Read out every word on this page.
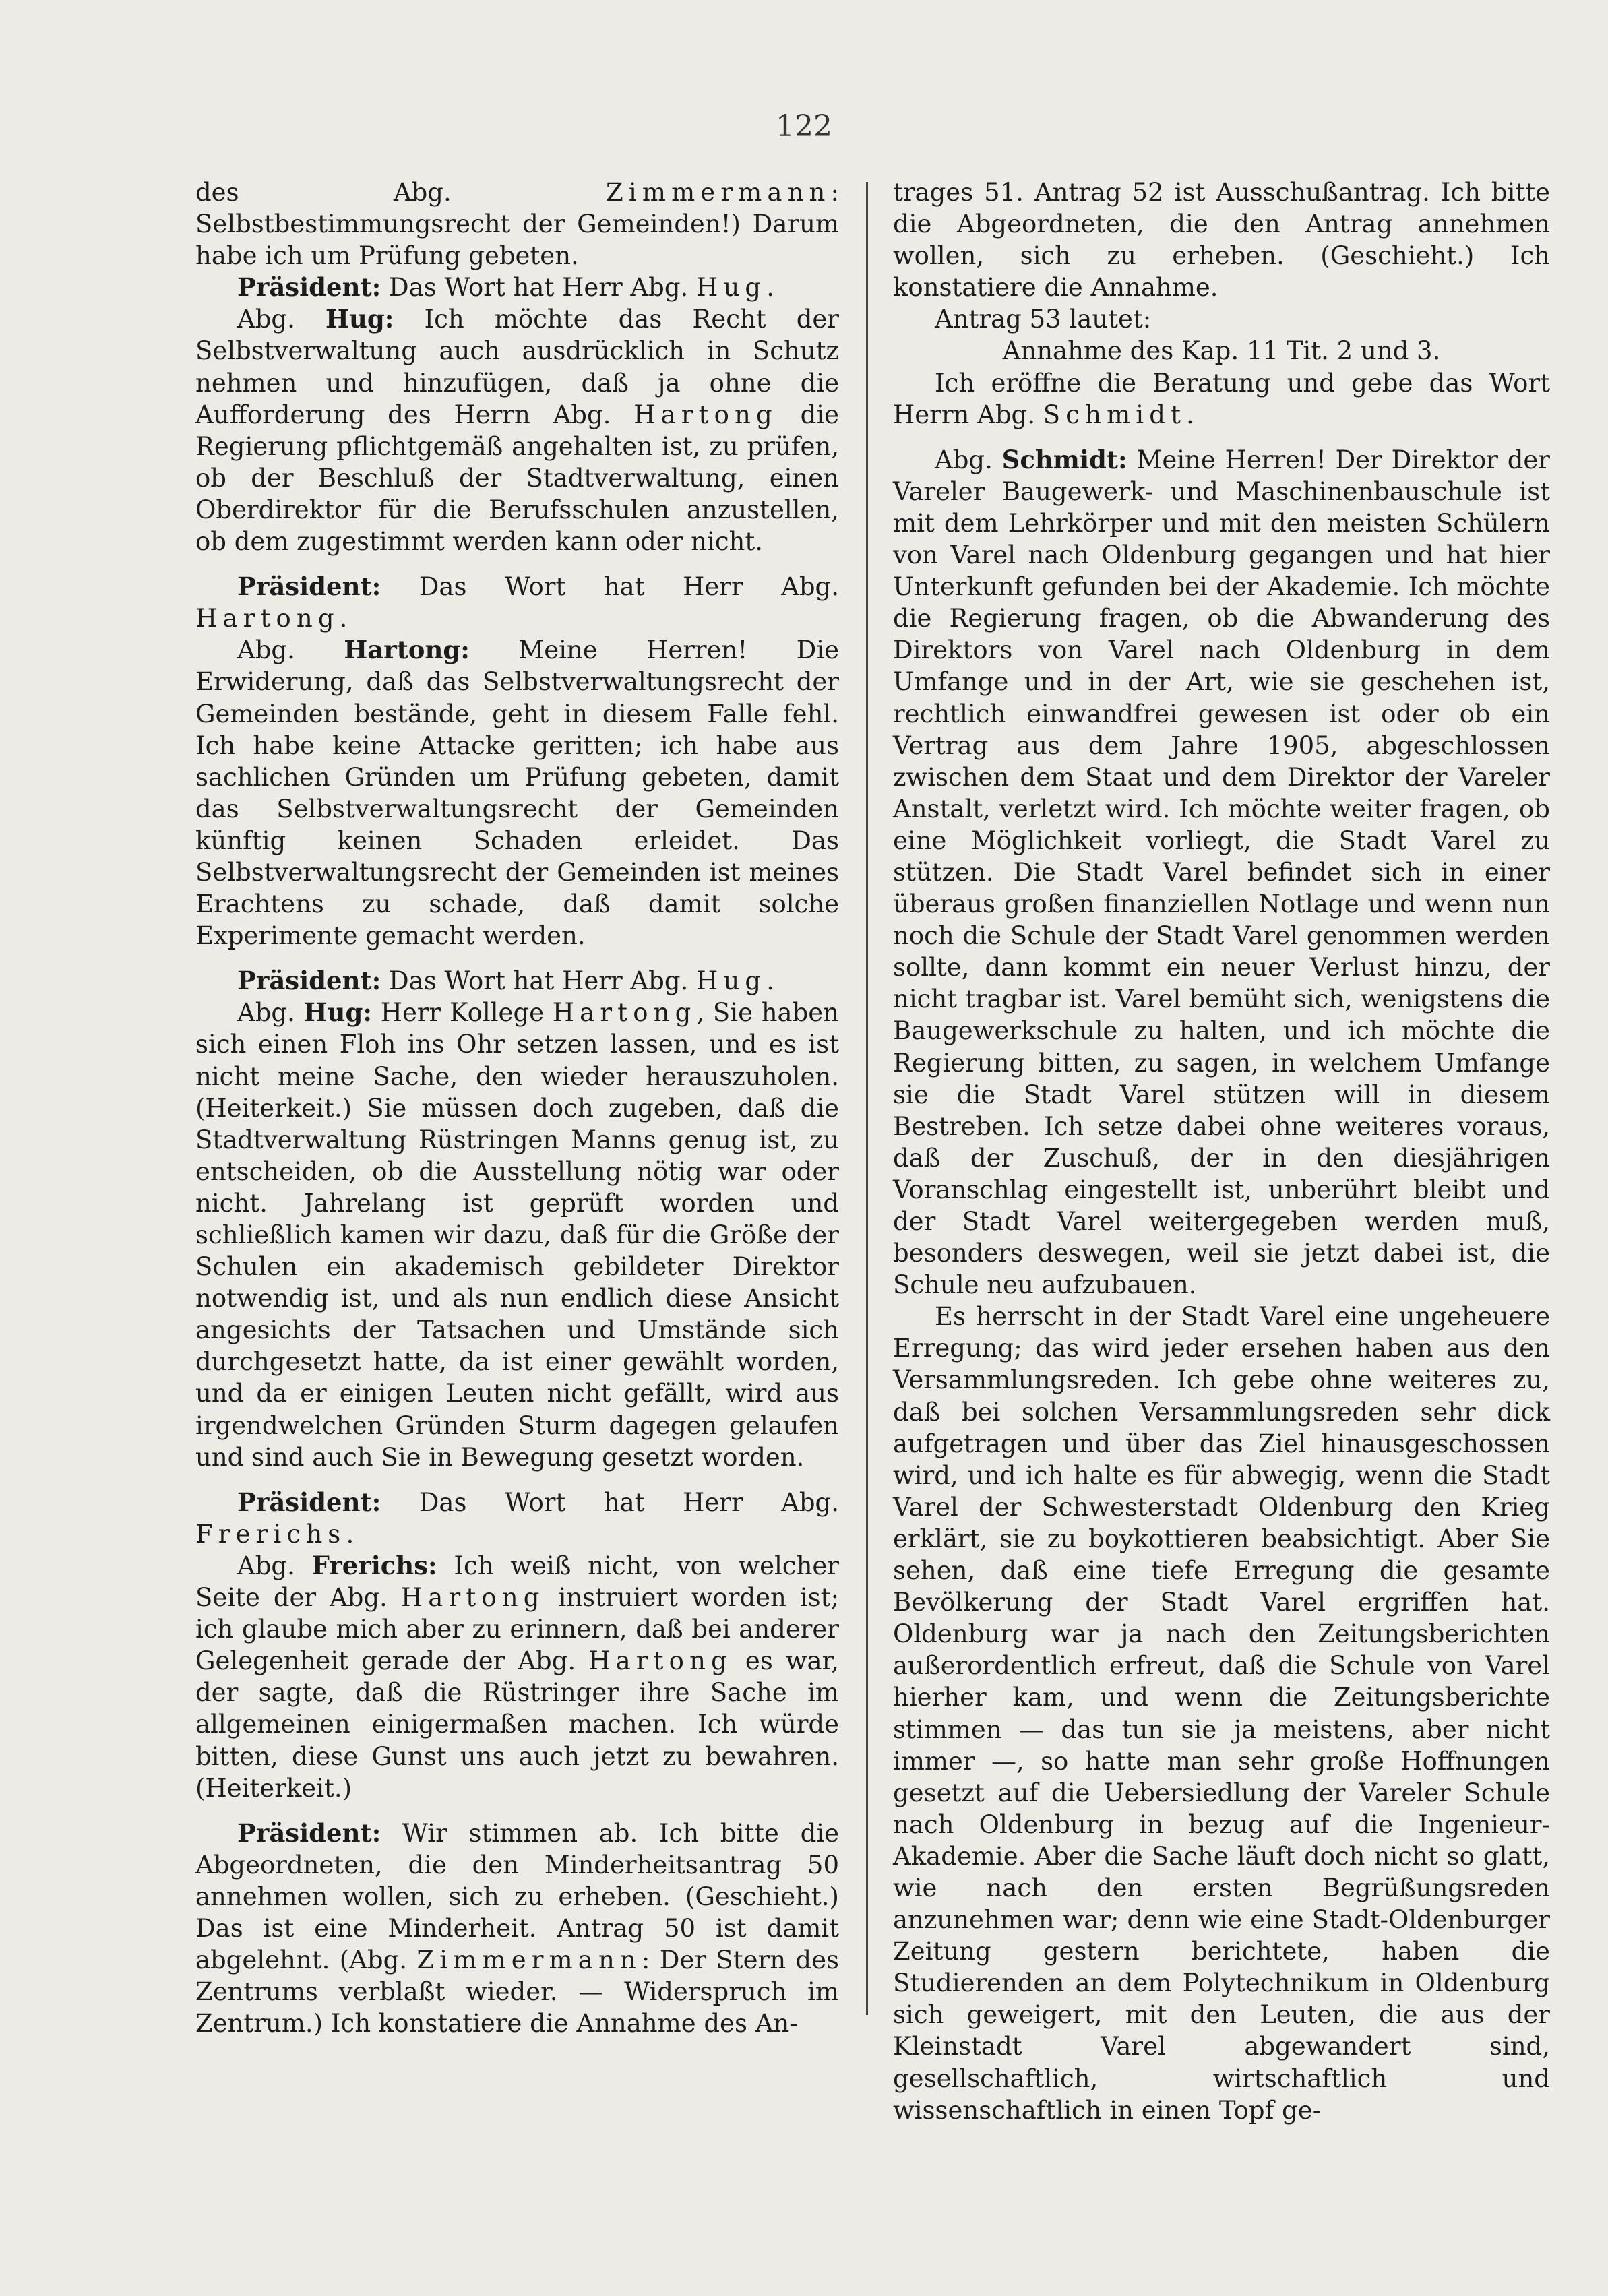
122

des Abg. Zimmermann: Selbstbestimmungsrecht der Gemeinden!) Darum habe ich um Prüfung gebeten.

Präsident: Das Wort hat Herr Abg. Hug.

Abg. Hug: Ich möchte das Recht der Selbstverwaltung auch ausdrücklich in Schutz nehmen und hinzufügen, daß ja ohne die Aufforderung des Herrn Abg. Hartong die Regierung pflichtgemäß angehalten ist, zu prüfen, ob der Beschluß der Stadtverwaltung, einen Oberdirektor für die Berufsschulen anzustellen, ob dem zugestimmt werden kann oder nicht.

Präsident: Das Wort hat Herr Abg. Hartong.

Abg. Hartong: Meine Herren! Die Erwiderung, daß das Selbstverwaltungsrecht der Gemeinden bestände, geht in diesem Falle fehl. Ich habe keine Attacke geritten; ich habe aus sachlichen Gründen um Prüfung gebeten, damit das Selbstverwaltungsrecht der Gemeinden künftig keinen Schaden erleidet. Das Selbstverwaltungsrecht der Gemeinden ist meines Erachtens zu schade, daß damit solche Experimente gemacht werden.

Präsident: Das Wort hat Herr Abg. Hug.

Abg. Hug: Herr Kollege Hartong, Sie haben sich einen Floh ins Ohr setzen lassen, und es ist nicht meine Sache, den wieder herauszuholen. (Heiterkeit.) Sie müssen doch zugeben, daß die Stadtverwaltung Rüstringen Manns genug ist, zu entscheiden, ob die Ausstellung nötig war oder nicht. Jahrelang ist geprüft worden und schließlich kamen wir dazu, daß für die Größe der Schulen ein akademisch gebildeter Direktor notwendig ist, und als nun endlich diese Ansicht angesichts der Tatsachen und Umstände sich durchgesetzt hatte, da ist einer gewählt worden, und da er einigen Leuten nicht gefällt, wird aus irgendwelchen Gründen Sturm dagegen gelaufen und sind auch Sie in Bewegung gesetzt worden.

Präsident: Das Wort hat Herr Abg. Frerichs.

Abg. Frerichs: Ich weiß nicht, von welcher Seite der Abg. Hartong instruiert worden ist; ich glaube mich aber zu erinnern, daß bei anderer Gelegenheit gerade der Abg. Hartong es war, der sagte, daß die Rüstringer ihre Sache im allgemeinen einigermaßen machen. Ich würde bitten, diese Gunst uns auch jetzt zu bewahren. (Heiterkeit.)

Präsident: Wir stimmen ab. Ich bitte die Abgeordneten, die den Minderheitsantrag 50 annehmen wollen, sich zu erheben. (Geschieht.) Das ist eine Minderheit. Antrag 50 ist damit abgelehnt. (Abg. Zimmermann: Der Stern des Zentrums verblaßt wieder. — Widerspruch im Zentrum.) Ich konstatiere die Annahme des An-

trages 51. Antrag 52 ist Ausschußantrag. Ich bitte die Abgeordneten, die den Antrag annehmen wollen, sich zu erheben. (Geschieht.) Ich konstatiere die Annahme.

Antrag 53 lautet:

Annahme des Kap. 11 Tit. 2 und 3.

Ich eröffne die Beratung und gebe das Wort Herrn Abg. Schmidt.

Abg. Schmidt: Meine Herren! Der Direktor der Vareler Baugewerk- und Maschinenbauschule ist mit dem Lehrkörper und mit den meisten Schülern von Varel nach Oldenburg gegangen und hat hier Unterkunft gefunden bei der Akademie. Ich möchte die Regierung fragen, ob die Abwanderung des Direktors von Varel nach Oldenburg in dem Umfange und in der Art, wie sie geschehen ist, rechtlich einwandfrei gewesen ist oder ob ein Vertrag aus dem Jahre 1905, abgeschlossen zwischen dem Staat und dem Direktor der Vareler Anstalt, verletzt wird. Ich möchte weiter fragen, ob eine Möglichkeit vorliegt, die Stadt Varel zu stützen. Die Stadt Varel befindet sich in einer überaus großen finanziellen Notlage und wenn nun noch die Schule der Stadt Varel genommen werden sollte, dann kommt ein neuer Verlust hinzu, der nicht tragbar ist. Varel bemüht sich, wenigstens die Baugewerkschule zu halten, und ich möchte die Regierung bitten, zu sagen, in welchem Umfange sie die Stadt Varel stützen will in diesem Bestreben. Ich setze dabei ohne weiteres voraus, daß der Zuschuß, der in den diesjährigen Voranschlag eingestellt ist, unberührt bleibt und der Stadt Varel weitergegeben werden muß, besonders deswegen, weil sie jetzt dabei ist, die Schule neu aufzubauen.

Es herrscht in der Stadt Varel eine ungeheuere Erregung; das wird jeder ersehen haben aus den Versammlungsreden. Ich gebe ohne weiteres zu, daß bei solchen Versammlungsreden sehr dick aufgetragen und über das Ziel hinausgeschossen wird, und ich halte es für abwegig, wenn die Stadt Varel der Schwesterstadt Oldenburg den Krieg erklärt, sie zu boykottieren beabsichtigt. Aber Sie sehen, daß eine tiefe Erregung die gesamte Bevölkerung der Stadt Varel ergriffen hat. Oldenburg war ja nach den Zeitungsberichten außerordentlich erfreut, daß die Schule von Varel hierher kam, und wenn die Zeitungsberichte stimmen — das tun sie ja meistens, aber nicht immer —, so hatte man sehr große Hoffnungen gesetzt auf die Uebersiedlung der Vareler Schule nach Oldenburg in bezug auf die Ingenieur-Akademie. Aber die Sache läuft doch nicht so glatt, wie nach den ersten Begrüßungsreden anzunehmen war; denn wie eine Stadt-Oldenburger Zeitung gestern berichtete, haben die Studierenden an dem Polytechnikum in Oldenburg sich geweigert, mit den Leuten, die aus der Kleinstadt Varel abgewandert sind, gesellschaftlich, wirtschaftlich und wissenschaftlich in einen Topf ge-
